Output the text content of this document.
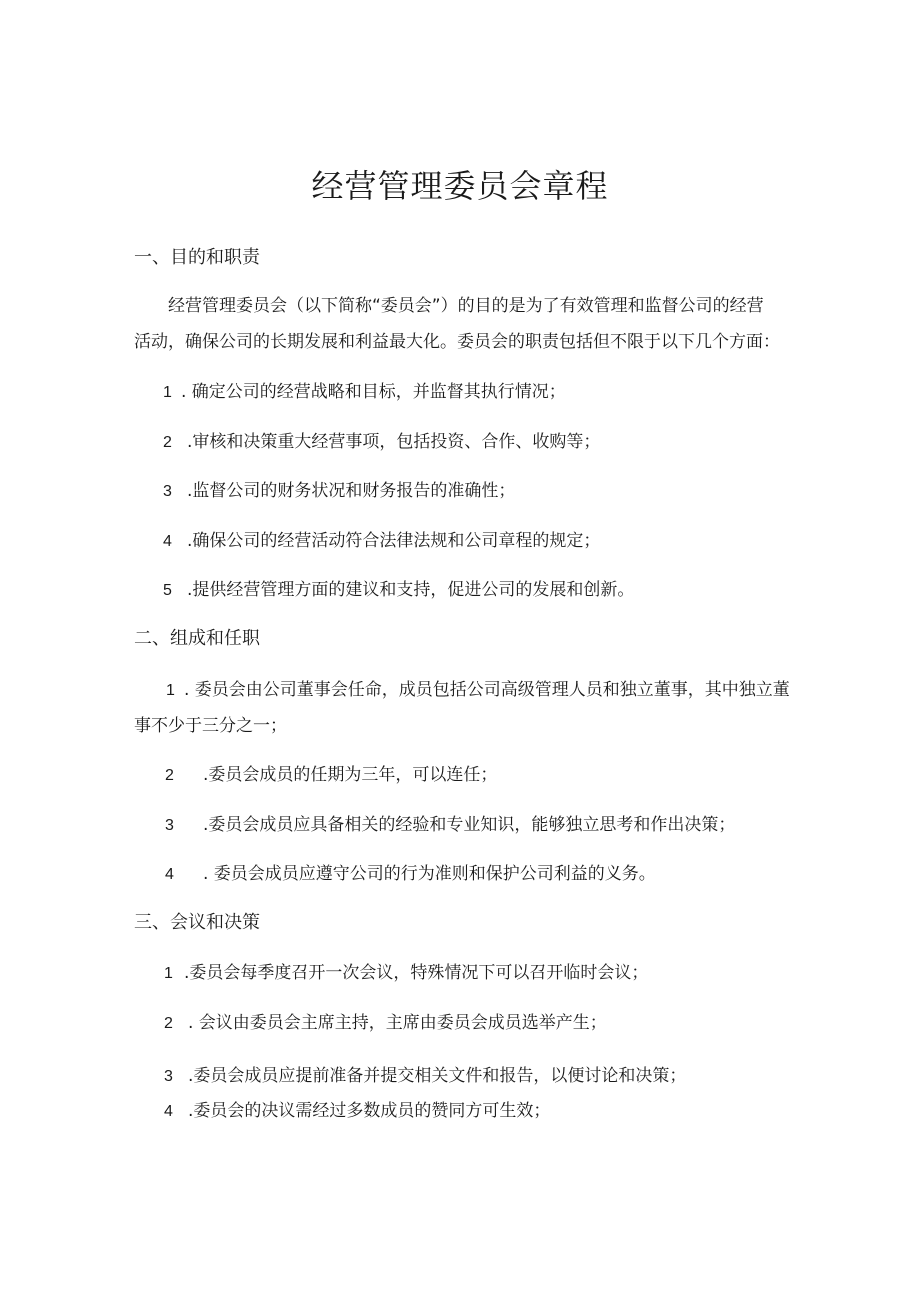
经营管理委员会章程
一、目的和职责
经营管理委员会（以下简称“委员会”）的目的是为了有效管理和监督公司的经营
活动，确保公司的长期发展和利益最大化。委员会的职责包括但不限于以下几个方面：
1 . 确定公司的经营战略和目标，并监督其执行情况；
2 .审核和决策重大经营事项，包括投资、合作、收购等；
3 .监督公司的财务状况和财务报告的准确性；
4 .确保公司的经营活动符合法律法规和公司章程的规定；
5 .提供经营管理方面的建议和支持，促进公司的发展和创新。
二、组成和任职
1 . 委员会由公司董事会任命，成员包括公司高级管理人员和独立董事，其中独立董
事不少于三分之一；
2 .委员会成员的任期为三年，可以连任；
3 .委员会成员应具备相关的经验和专业知识，能够独立思考和作出决策；
4 . 委员会成员应遵守公司的行为准则和保护公司利益的义务。
三、会议和决策
1 .委员会每季度召开一次会议，特殊情况下可以召开临时会议；
2 . 会议由委员会主席主持，主席由委员会成员选举产生；
3 .委员会成员应提前准备并提交相关文件和报告，以便讨论和决策；
4 .委员会的决议需经过多数成员的赞同方可生效；
